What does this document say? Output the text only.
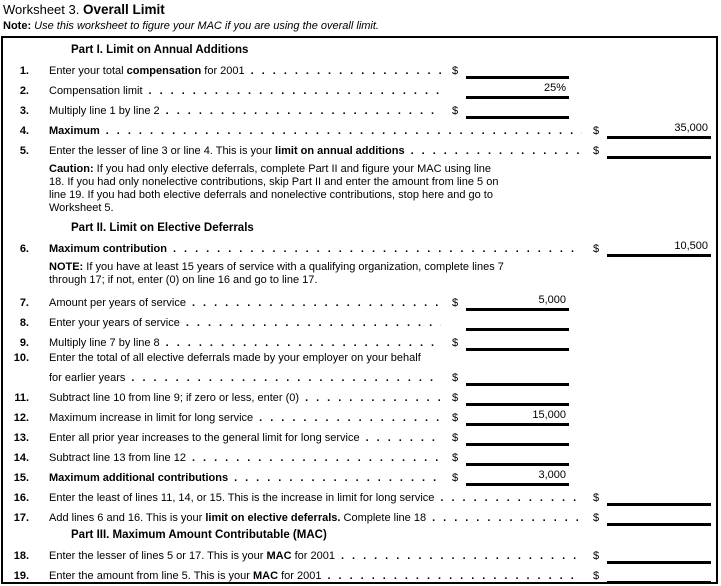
Worksheet 3. Overall Limit
Note: Use this worksheet to figure your MAC if you are using the overall limit.
Part I. Limit on Annual Additions
1.	Enter your total compensation for 2001 .....	$
2.	Compensation limit .....	25%
3.	Multiply line 1 by line 2 .....	$
4.	Maximum .....	$	35,000
5.	Enter the lesser of line 3 or line 4. This is your limit on annual additions .....	$
Caution: If you had only elective deferrals, complete Part II and figure your MAC using line 18. If you had only nonelective contributions, skip Part II and enter the amount from line 5 on line 19. If you had both elective deferrals and nonelective contributions, stop here and go to Worksheet 5.
Part II. Limit on Elective Deferrals
6.	Maximum contribution .....	$	10,500
NOTE: If you have at least 15 years of service with a qualifying organization, complete lines 7 through 17; if not, enter (0) on line 16 and go to line 17.
7.	Amount per years of service .....	$	5,000
8.	Enter your years of service
.....
9.	Multiply line 7 by line 8 .....	$
10.	Enter the total of all elective deferrals made by your employer on your behalf
for earlier years .....	$
11.	Subtract line 10 from line 9; if zero or less, enter (0) .....	$
12.	Maximum increase in limit for long service .....	$	15,000
13.	Enter all prior year increases to the general limit for long service .....	$
14.	Subtract line 13 from line 12 .....	$
15.	Maximum additional contributions .....	$	3,000
16.	Enter the least of lines 11, 14, or 15. This is the increase in limit for long service .....	$
17.	Add lines 6 and 16. This is your limit on elective deferrals. Complete line 18 .....	$
Part III. Maximum Amount Contributable (MAC)
18.	Enter the lesser of lines 5 or 17. This is your MAC for 2001 .....	$
19.	Enter the amount from line 5. This is your MAC for 2001 .....	$
